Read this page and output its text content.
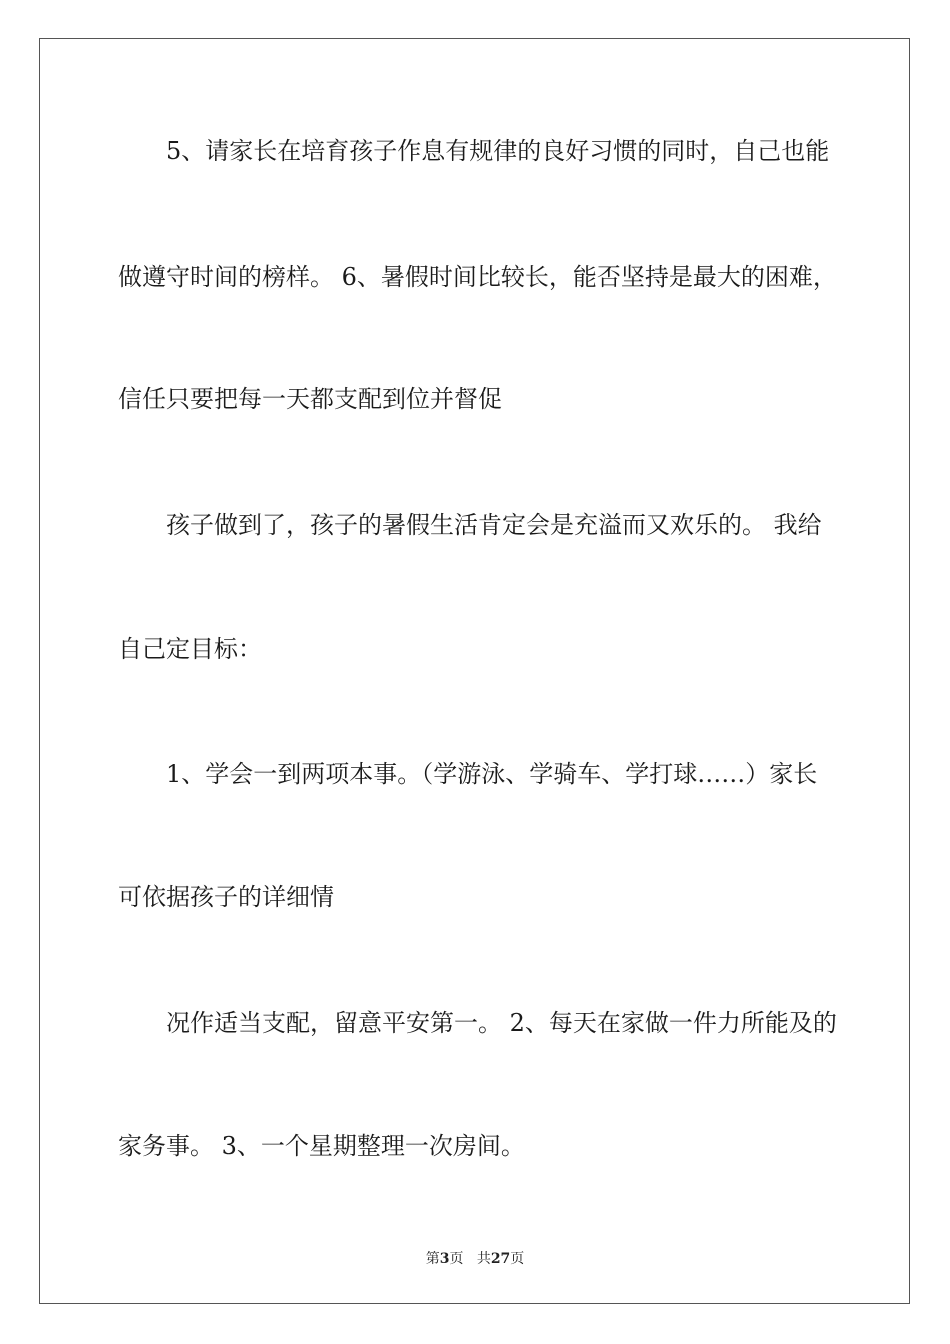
5、请家长在培育孩子作息有规律的良好习惯的同时，自己也能
做遵守时间的榜样。 6、暑假时间比较长，能否坚持是最大的困难，
信任只要把每一天都支配到位并督促
孩子做到了，孩子的暑假生活肯定会是充溢而又欢乐的。 我给
自己定目标：
1、学会一到两项本事。（学游泳、学骑车、学打球……）家长
可依据孩子的详细情
况作适当支配，留意平安第一。 2、每天在家做一件力所能及的
家务事。 3、一个星期整理一次房间。
第3页 共27页
